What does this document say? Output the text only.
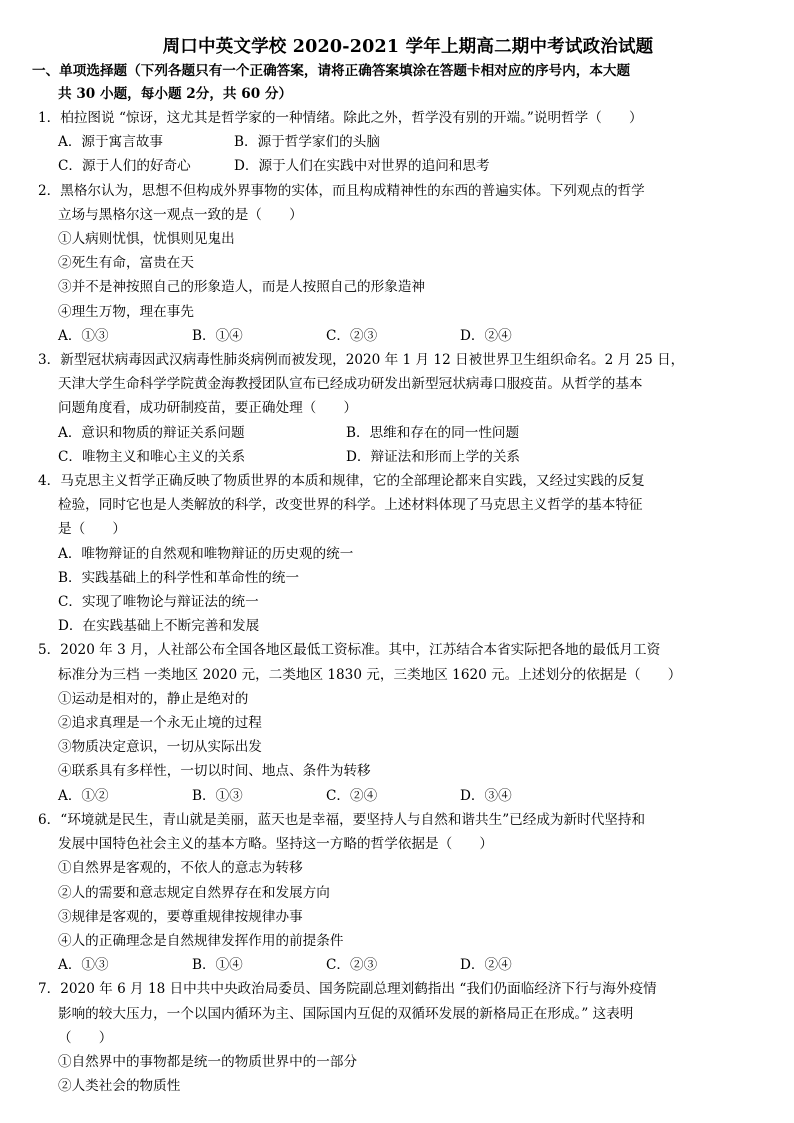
周口中英文学校 2020-2021 学年上期高二期中考试政治试题
一、单项选择题（下列各题只有一个正确答案，请将正确答案填涂在答题卡相对应的序号内，本大题
共 30 小题，每小题 2分，共 60 分）
1．柏拉图说 “惊讶，这尤其是哲学家的一种情绪。除此之外，哲学没有别的开端。”说明哲学（　　）
A．源于寓言故事	B．源于哲学家们的头脑
C．源于人们的好奇心	D．源于人们在实践中对世界的追问和思考
2．黑格尔认为，思想不但构成外界事物的实体，而且构成精神性的东西的普遍实体。下列观点的哲学
立场与黑格尔这一观点一致的是（　　）
①人病则忧惧，忧惧则见鬼出
②死生有命，富贵在天
③并不是神按照自己的形象造人，而是人按照自己的形象造神
④理生万物，理在事先
A．①③	B．①④	C．②③	D．②④
3．新型冠状病毒因武汉病毒性肺炎病例而被发现，2020 年 1 月 12 日被世界卫生组织命名。2 月 25 日，
天津大学生命科学学院黄金海教授团队宣布已经成功研发出新型冠状病毒口服疫苗。从哲学的基本
问题角度看，成功研制疫苗，要正确处理（　　）
A．意识和物质的辩证关系问题	B．思维和存在的同一性问题
C．唯物主义和唯心主义的关系	D．辩证法和形而上学的关系
4．马克思主义哲学正确反映了物质世界的本质和规律，它的全部理论都来自实践，又经过实践的反复
检验，同时它也是人类解放的科学，改变世界的科学。上述材料体现了马克思主义哲学的基本特征
是（　　）
A．唯物辩证的自然观和唯物辩证的历史观的统一
B．实践基础上的科学性和革命性的统一
C．实现了唯物论与辩证法的统一
D．在实践基础上不断完善和发展
5．2020 年 3 月，人社部公布全国各地区最低工资标准。其中，江苏结合本省实际把各地的最低月工资
标准分为三档 一类地区 2020 元，二类地区 1830 元，三类地区 1620 元。上述划分的依据是（　　）
①运动是相对的，静止是绝对的
②追求真理是一个永无止境的过程
③物质决定意识，一切从实际出发
④联系具有多样性，一切以时间、地点、条件为转移
A．①②	B．①③	C．②④	D．③④
6．“环境就是民生，青山就是美丽，蓝天也是幸福，要坚持人与自然和谐共生”已经成为新时代坚持和
发展中国特色社会主义的基本方略。坚持这一方略的哲学依据是（　　）
①自然界是客观的，不依人的意志为转移
②人的需要和意志规定自然界存在和发展方向
③规律是客观的，要尊重规律按规律办事
④人的正确理念是自然规律发挥作用的前提条件
A．①③	B．①④	C．②③	D．②④
7．2020 年 6 月 18 日中共中央政治局委员、国务院副总理刘鹤指出 “我们仍面临经济下行与海外疫情
影响的较大压力，一个以国内循环为主、国际国内互促的双循环发展的新格局正在形成。” 这表明
（　　）
①自然界中的事物都是统一的物质世界中的一部分
②人类社会的物质性
